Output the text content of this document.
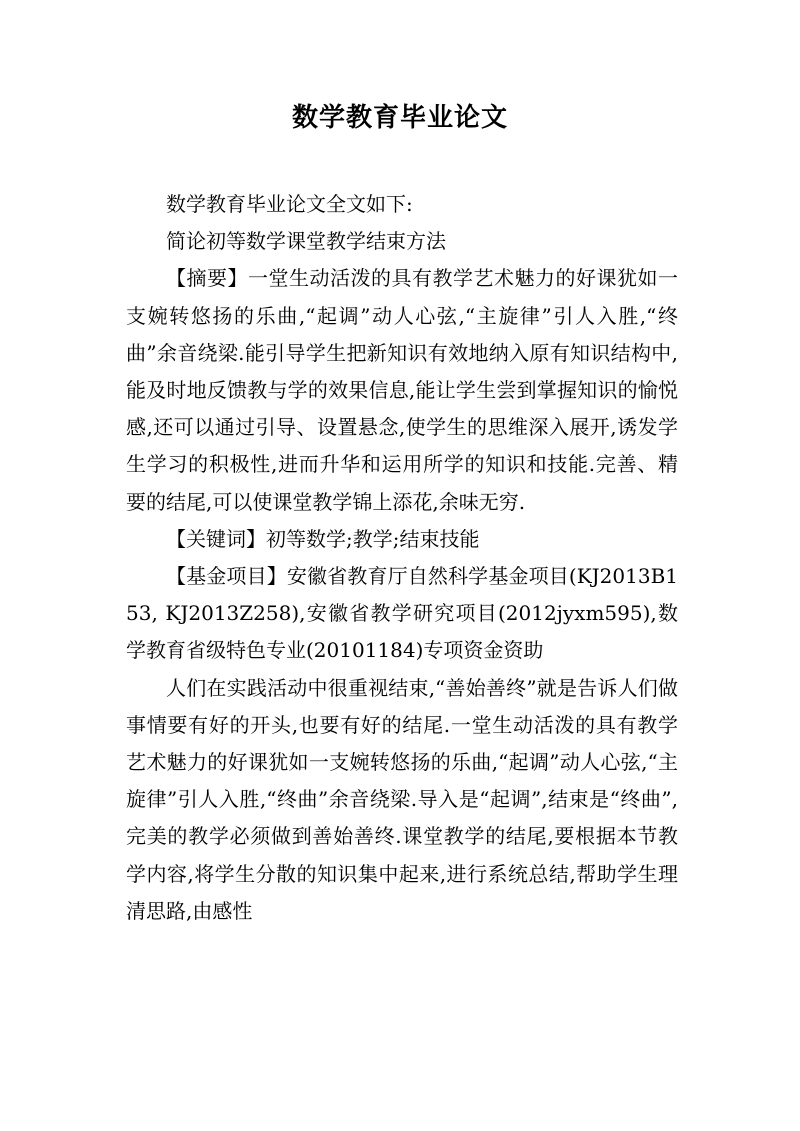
数学教育毕业论文

数学教育毕业论文全文如下:

简论初等数学课堂教学结束方法

【摘要】一堂生动活泼的具有教学艺术魅力的好课犹如一支婉转悠扬的乐曲,“起调”动人心弦,“主旋律”引人入胜,“终曲”余音绕梁.能引导学生把新知识有效地纳入原有知识结构中,能及时地反馈教与学的效果信息,能让学生尝到掌握知识的愉悦感,还可以通过引导、设置悬念,使学生的思维深入展开,诱发学生学习的积极性,进而升华和运用所学的知识和技能.完善、精要的结尾,可以使课堂教学锦上添花,余味无穷.

【关键词】初等数学;教学;结束技能

【基金项目】安徽省教育厅自然科学基金项目(KJ2013B153, KJ2013Z258),安徽省教学研究项目(2012jyxm595),数学教育省级特色专业(20101184)专项资金资助

人们在实践活动中很重视结束,“善始善终”就是告诉人们做事情要有好的开头,也要有好的结尾.一堂生动活泼的具有教学艺术魅力的好课犹如一支婉转悠扬的乐曲,“起调”动人心弦,“主旋律”引人入胜,“终曲”余音绕梁.导入是“起调”,结束是“终曲”,完美的教学必须做到善始善终.课堂教学的结尾,要根据本节教学内容,将学生分散的知识集中起来,进行系统总结,帮助学生理清思路,由感性
